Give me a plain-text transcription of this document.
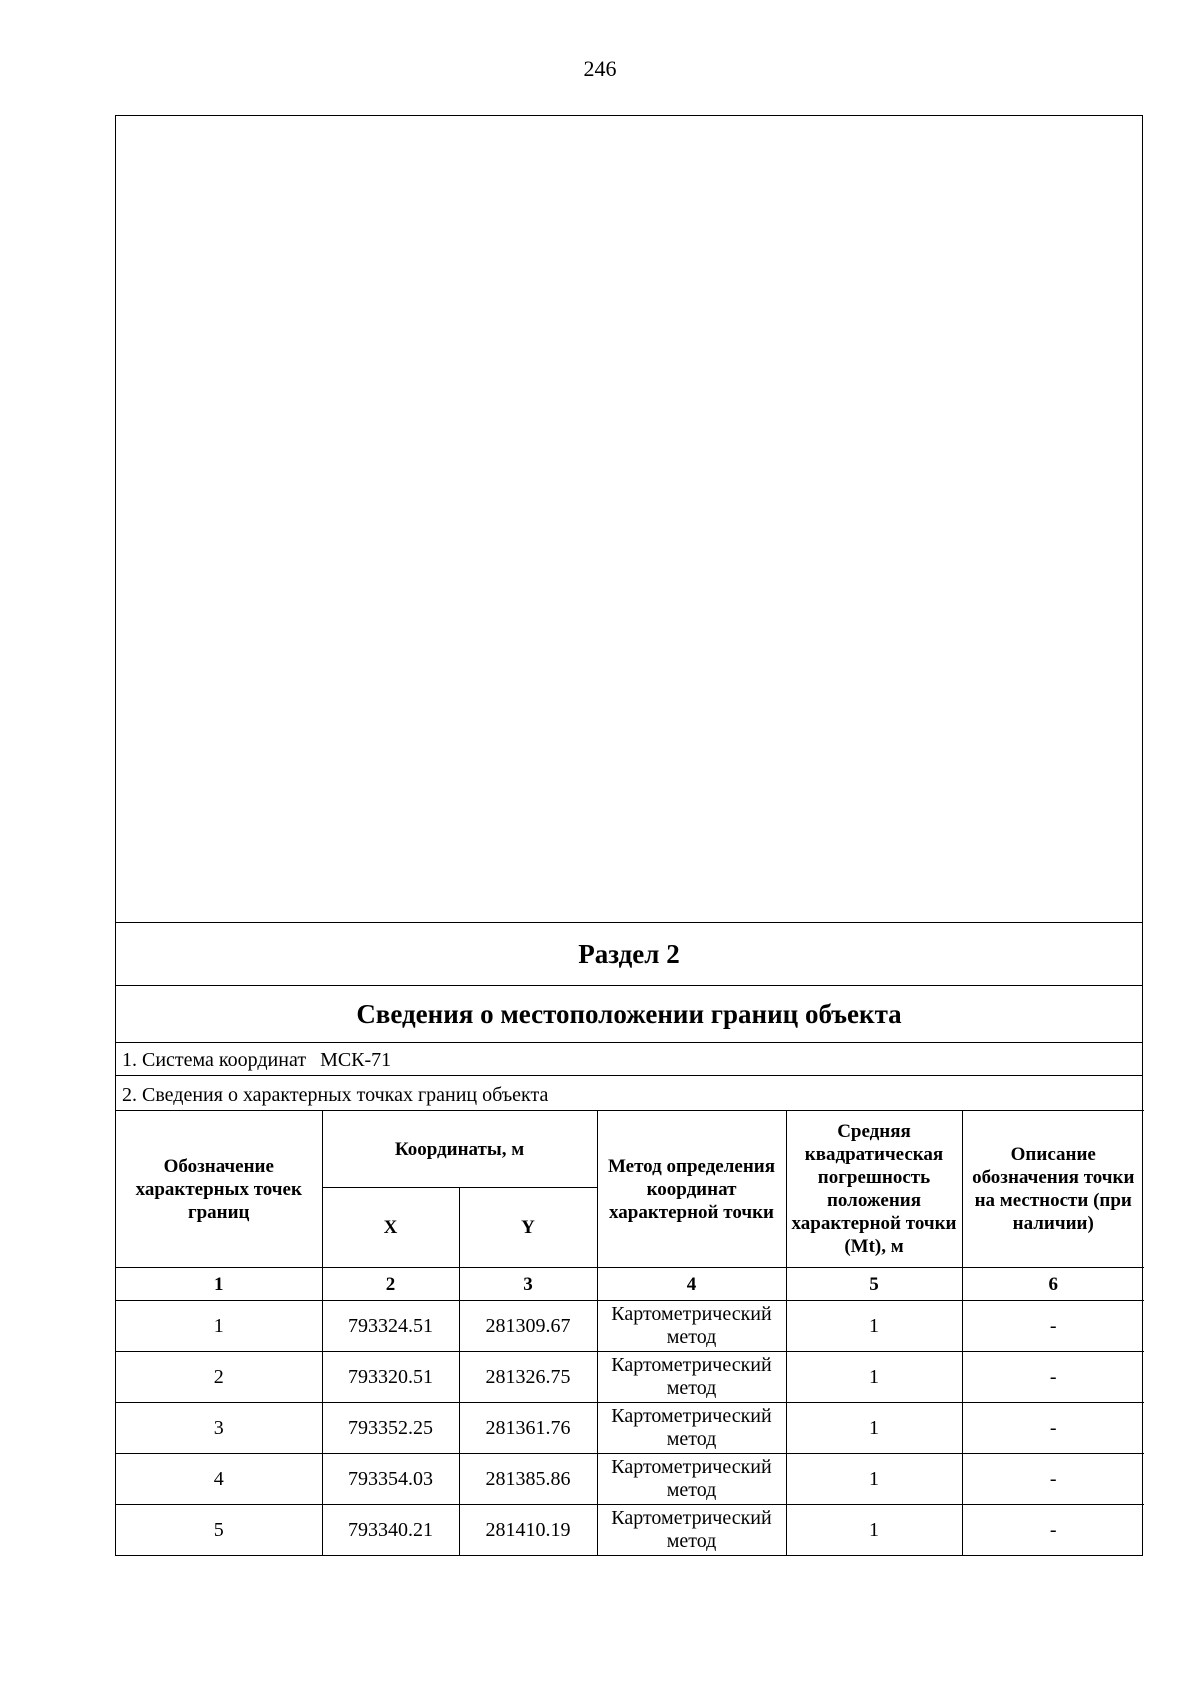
246
Раздел 2
Сведения о местоположении границ объекта
1. Система координат МСК-71
2. Сведения о характерных точках границ объекта
Обозначение характерных точек границ	Координаты, м		Метод определения координат характерной точки	Средняя квадратическая погрешность положения характерной точки (Mt), м	Описание обозначения точки на местности (при наличии)
	X	Y			
1	2	3	4	5	6
1	793324.51	281309.67	Картометрический метод	1	-
2	793320.51	281326.75	Картометрический метод	1	-
3	793352.25	281361.76	Картометрический метод	1	-
4	793354.03	281385.86	Картометрический метод	1	-
5	793340.21	281410.19	Картометрический метод	1	-
